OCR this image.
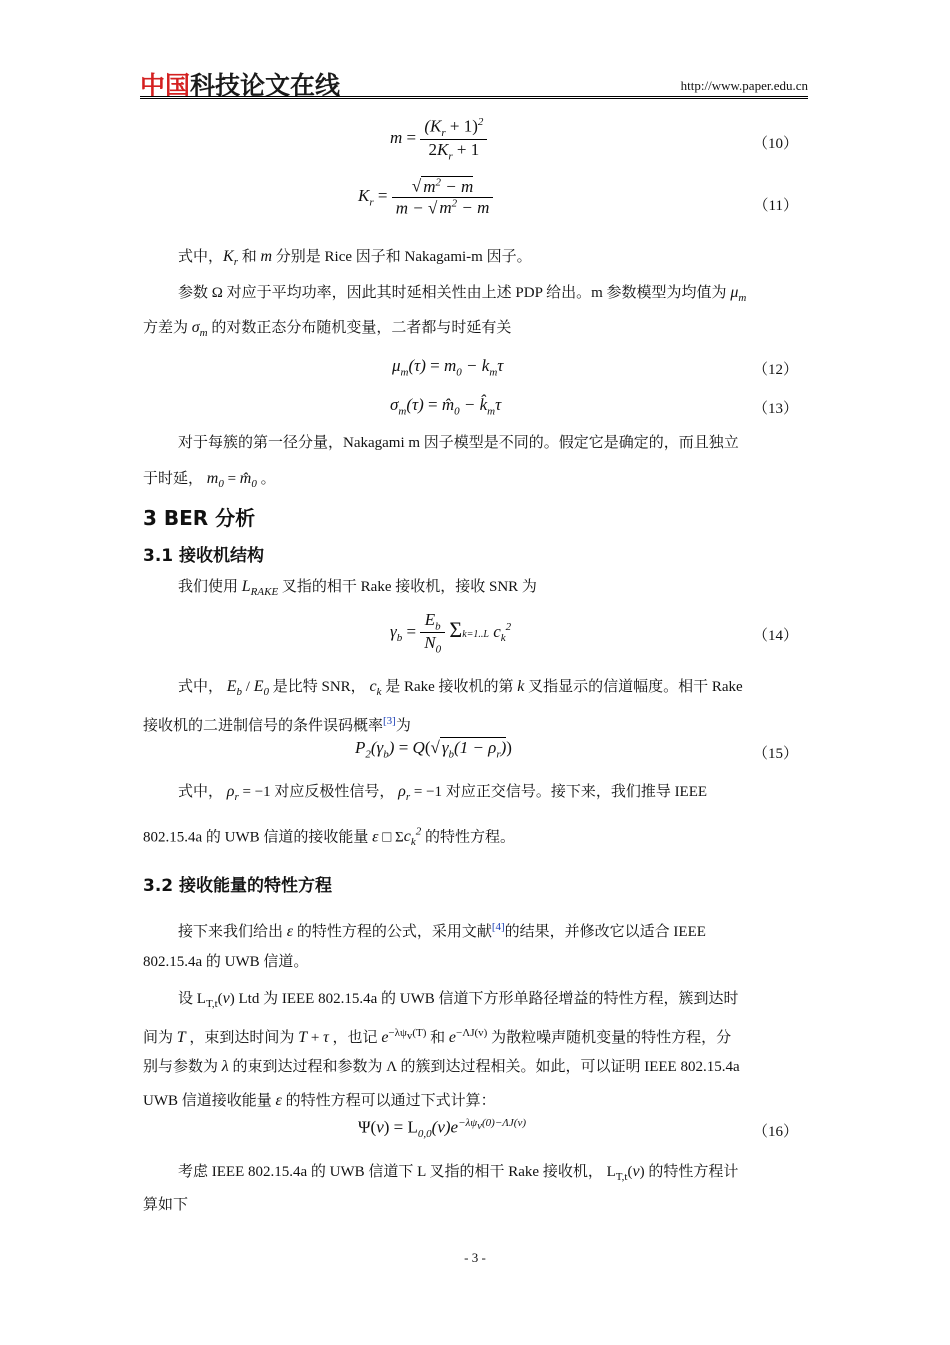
中国科技论文在线	http://www.paper.edu.cn
$m = \frac{(K_r + 1)^2}{2K_r + 1}$	（10）
$K_r = \frac{√ m^2 - m}{m - √ m^2 - m}$	（11）
式中，$K_r$ 和 m 分别是 Rice 因子和 Nakagami-m 因子。
参数 Ω 对应于平均功率，因此其时延相关性由上述 PDP 给出。m 参数模型为均值为 $\mu_m$
方差为 $\sigma_m$ 的对数正态分布随机变量，二者都与时延有关
$\mu_m(\tau) = m_0 - k_m\tau$	（12）
$\sigma_m(\tau)$ = $m̂_0$ − $k̂_m\tau$	（13）
对于每簇的第一径分量，Nakagami m 因子模型是不同的。假定它是确定的，而且独立
于时延， $m_0$ = $m̂_0$ 。
3 BER 分析
3.1 接收机结构
我们使用 $L_{RAKE}$ 叉指的相干 Rake 接收机，接收 SNR 为
$\gamma_b = \frac{E_b}{N_0} \Sigma k=1..L$ $c_k^2$
（14）
式中， $E_b / E_0$ 是比特 SNR， $c_k$ 是 Rake 接收机的第 k 叉指显示的信道幅度。相干 Rake
接收机的二进制信号的条件误码概率[3]为
$P_2(\gamma_b) = Q(√$ $\gamma_b(1 - \rho_r)$)	（15）
式中， $\rho_r = -1$ 对应反极性信号， $\rho_r = -1$ 对应正交信号。接下来，我们推导 IEEE
802.15.4a 的 UWB 信道的接收能量 ε □ $\Sigma c_k^2$ 的特性方程。
3.2 接收能量的特性方程
接下来我们给出 ε 的特性方程的公式，采用文献[4]的结果，并修改它以适合 IEEE
802.15.4a 的 UWB 信道。
设 $L_{T,t}(v)$ Ltd 为 IEEE 802.15.4a 的 UWB 信道下方形单路径增益的特性方程，簇到达时
间为 T ，束到达时间为 T + τ ，也记 $e^{-\lambda\psi_v(T)}$ 和 $e^{-\Lambda J(v)}$ 为散粒噪声随机变量的特性方程，分
别与参数为 λ 的束到达过程和参数为 Λ 的簇到达过程相关。如此，可以证明 IEEE 802.15.4a
UWB 信道接收能量 ε 的特性方程可以通过下式计算：
$\Psi(v) = L_{0,0}(v)e^{-\lambda\psi_v(0)-\Lambda J(v)}$
（16）
考虑 IEEE 802.15.4a 的 UWB 信道下 L 叉指的相干 Rake 接收机， $L_{T,t}(v)$ 的特性方程计
算如下
- 3 -
